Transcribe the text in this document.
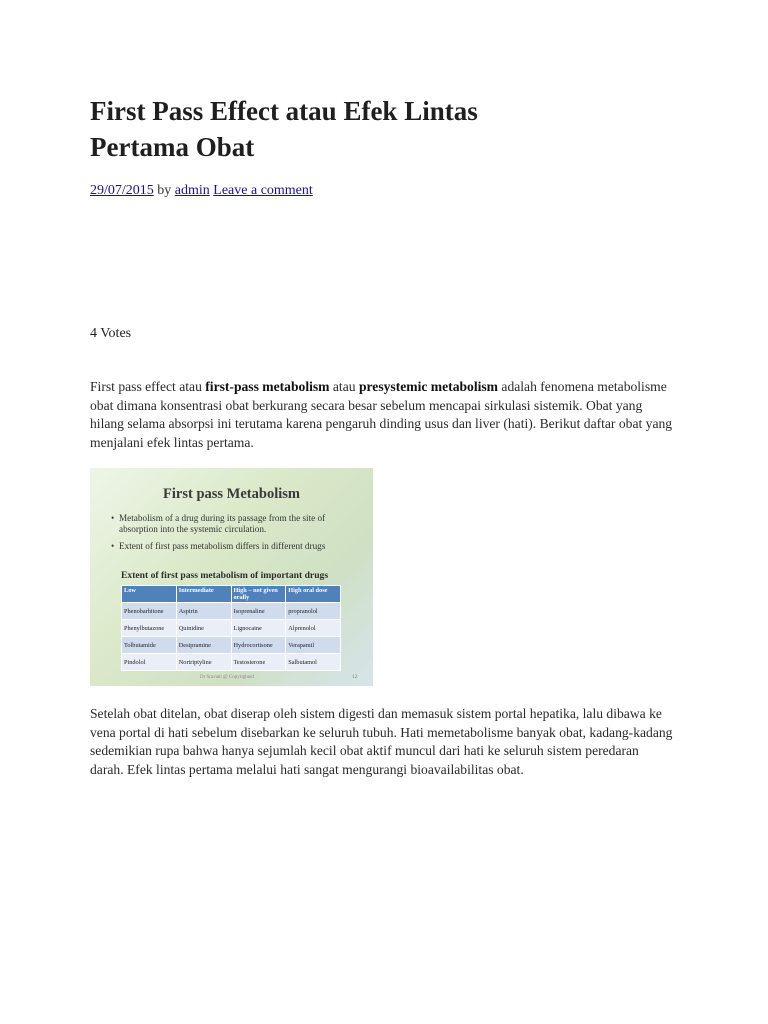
First Pass Effect atau Efek Lintas Pertama Obat
29/07/2015 by admin Leave a comment
4 Votes

First pass effect atau first-pass metabolism atau presystemic metabolism adalah fenomena metabolisme obat dimana konsentrasi obat berkurang secara besar sebelum mencapai sirkulasi sistemik. Obat yang hilang selama absorpsi ini terutama karena pengaruh dinding usus dan liver (hati). Berikut daftar obat yang menjalani efek lintas pertama.

First pass Metabolism
• Metabolism of a drug during its passage from the site of absorption into the systemic circulation.
• Extent of first pass metabolism differs in different drugs
Extent of first pass metabolism of important drugs
Low	Intermediate	High – not given orally	High oral dose
Phenobarbitone	Aspirin	Isoprenaline	propranolol
Phenylbutazone	Quinidine	Lignocaine	Alprenolol
Tolbutamide	Desipramine	Hydrocortisone	Verapamil
Pindolol	Nortriptyline	Testosterone	Salbutamol
Dr Sravani @ Copyrighted	12

Setelah obat ditelan, obat diserap oleh sistem digesti dan memasuk sistem portal hepatika, lalu dibawa ke vena portal di hati sebelum disebarkan ke seluruh tubuh. Hati memetabolisme banyak obat, kadang-kadang sedemikian rupa bahwa hanya sejumlah kecil obat aktif muncul dari hati ke seluruh sistem peredaran darah. Efek lintas pertama melalui hati sangat mengurangi bioavailabilitas obat.
